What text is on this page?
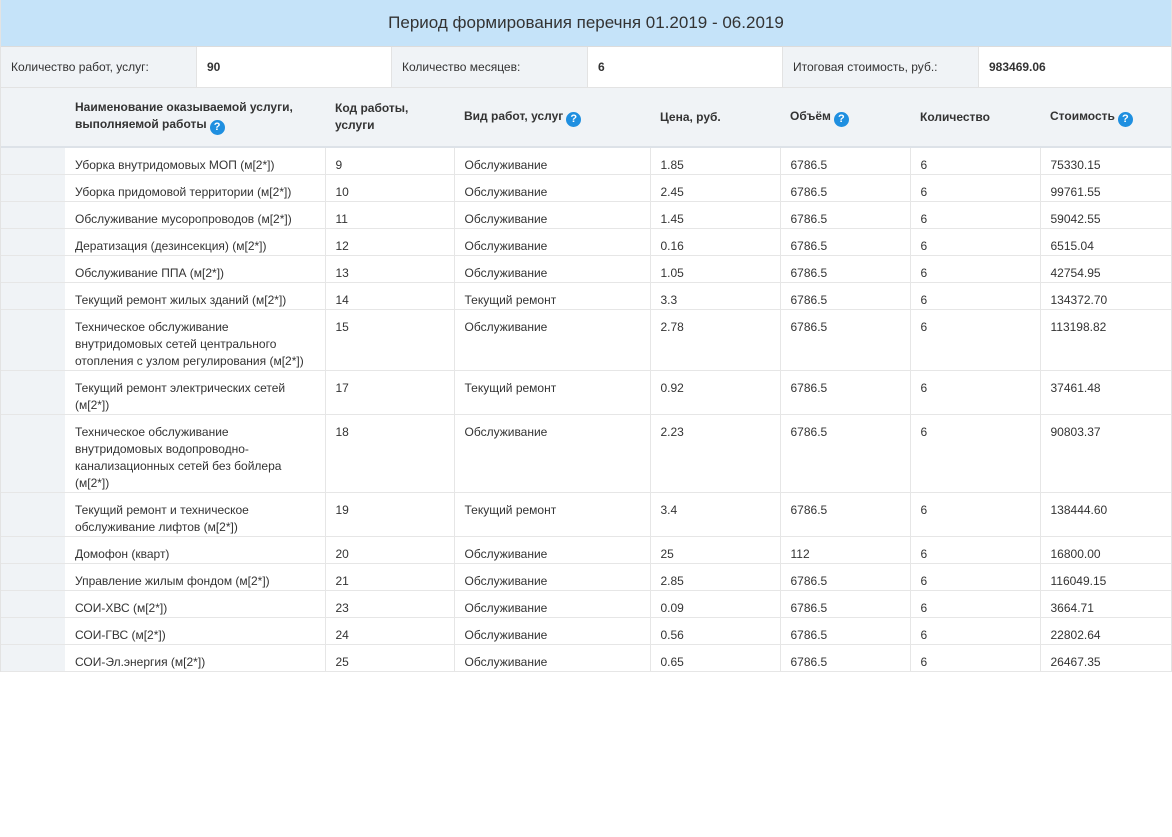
Период формирования перечня 01.2019 - 06.2019
Количество работ, услуг:	90	Количество месяцев:	6	Итоговая стоимость, руб.:	983469.06
	Наименование оказываемой услуги, выполняемой работы ?	Код работы, услуги	Вид работ, услуг ?	Цена, руб.	Объём ?	Количество	Стоимость ?
	Уборка внутридомовых МОП (м[2*])	9	Обслуживание	1.85	6786.5	6	75330.15
	Уборка придомовой территории (м[2*])	10	Обслуживание	2.45	6786.5	6	99761.55
	Обслуживание мусоропроводов (м[2*])	11	Обслуживание	1.45	6786.5	6	59042.55
	Дератизация (дезинсекция) (м[2*])	12	Обслуживание	0.16	6786.5	6	6515.04
	Обслуживание ППА (м[2*])	13	Обслуживание	1.05	6786.5	6	42754.95
	Текущий ремонт жилых зданий (м[2*])	14	Текущий ремонт	3.3	6786.5	6	134372.70
	Техническое обслуживание внутридомовых сетей центрального отопления с узлом регулирования (м[2*])	15	Обслуживание	2.78	6786.5	6	113198.82
	Текущий ремонт электрических сетей (м[2*])	17	Текущий ремонт	0.92	6786.5	6	37461.48
	Техническое обслуживание внутридомовых водопроводно-канализационных сетей без бойлера (м[2*])	18	Обслуживание	2.23	6786.5	6	90803.37
	Текущий ремонт и техническое обслуживание лифтов (м[2*])	19	Текущий ремонт	3.4	6786.5	6	138444.60
	Домофон (кварт)	20	Обслуживание	25	112	6	16800.00
	Управление жилым фондом (м[2*])	21	Обслуживание	2.85	6786.5	6	116049.15
	СОИ-ХВС (м[2*])	23	Обслуживание	0.09	6786.5	6	3664.71
	СОИ-ГВС (м[2*])	24	Обслуживание	0.56	6786.5	6	22802.64
	СОИ-Эл.энергия (м[2*])	25	Обслуживание	0.65	6786.5	6	26467.35
